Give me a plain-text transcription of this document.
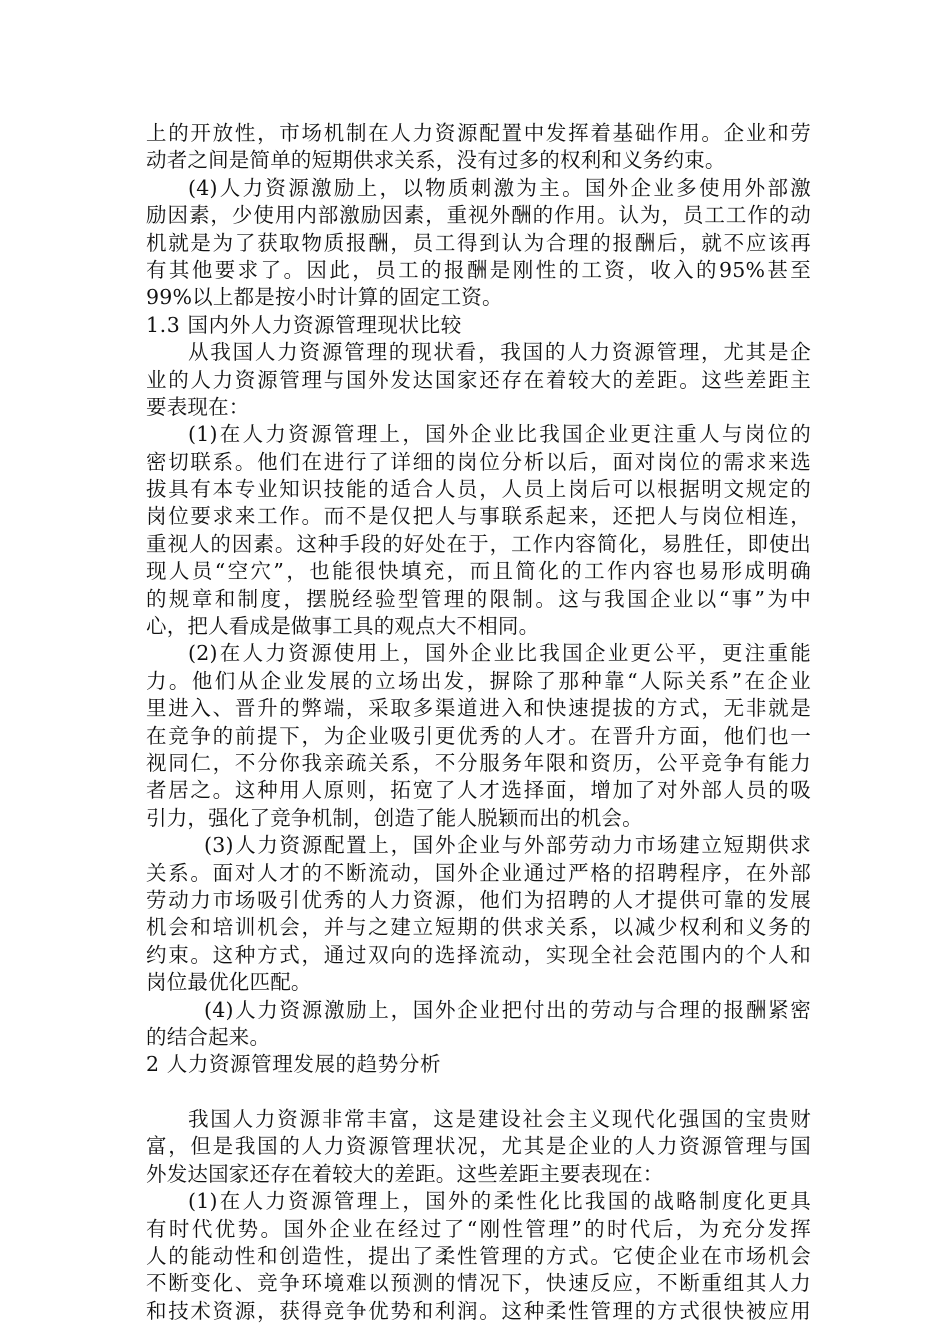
上的开放性，市场机制在人力资源配置中发挥着基础作用。企业和劳
动者之间是简单的短期供求关系，没有过多的权利和义务约束。
(4)人力资源激励上，以物质刺激为主。国外企业多使用外部激
励因素，少使用内部激励因素，重视外酬的作用。认为，员工工作的动
机就是为了获取物质报酬，员工得到认为合理的报酬后，就不应该再
有其他要求了。因此，员工的报酬是刚性的工资，收入的95%甚至
99%以上都是按小时计算的固定工资。
1.3 国内外人力资源管理现状比较
从我国人力资源管理的现状看，我国的人力资源管理，尤其是企
业的人力资源管理与国外发达国家还存在着较大的差距。这些差距主
要表现在：
(1)在人力资源管理上，国外企业比我国企业更注重人与岗位的
密切联系。他们在进行了详细的岗位分析以后，面对岗位的需求来选
拔具有本专业知识技能的适合人员，人员上岗后可以根据明文规定的
岗位要求来工作。而不是仅把人与事联系起来，还把人与岗位相连，
重视人的因素。这种手段的好处在于，工作内容简化，易胜任，即使出
现人员“空穴”，也能很快填充，而且简化的工作内容也易形成明确
的规章和制度，摆脱经验型管理的限制。这与我国企业以“事”为中
心，把人看成是做事工具的观点大不相同。
(2)在人力资源使用上，国外企业比我国企业更公平，更注重能
力。他们从企业发展的立场出发，摒除了那种靠“人际关系”在企业
里进入、晋升的弊端，采取多渠道进入和快速提拔的方式，无非就是
在竞争的前提下，为企业吸引更优秀的人才。在晋升方面，他们也一
视同仁，不分你我亲疏关系，不分服务年限和资历，公平竞争有能力
者居之。这种用人原则，拓宽了人才选择面，增加了对外部人员的吸
引力，强化了竞争机制，创造了能人脱颖而出的机会。
(3)人力资源配置上，国外企业与外部劳动力市场建立短期供求
关系。面对人才的不断流动，国外企业通过严格的招聘程序，在外部
劳动力市场吸引优秀的人力资源，他们为招聘的人才提供可靠的发展
机会和培训机会，并与之建立短期的供求关系，以减少权利和义务的
约束。这种方式，通过双向的选择流动，实现全社会范围内的个人和
岗位最优化匹配。
(4)人力资源激励上，国外企业把付出的劳动与合理的报酬紧密
的结合起来。
2 人力资源管理发展的趋势分析
我国人力资源非常丰富，这是建设社会主义现代化强国的宝贵财
富，但是我国的人力资源管理状况，尤其是企业的人力资源管理与国
外发达国家还存在着较大的差距。这些差距主要表现在：
(1)在人力资源管理上，国外的柔性化比我国的战略制度化更具
有时代优势。国外企业在经过了“刚性管理”的时代后，为充分发挥
人的能动性和创造性，提出了柔性管理的方式。它使企业在市场机会
不断变化、竞争环境难以预测的情况下，快速反应，不断重组其人力
和技术资源，获得竞争优势和利润。这种柔性管理的方式很快被应用
